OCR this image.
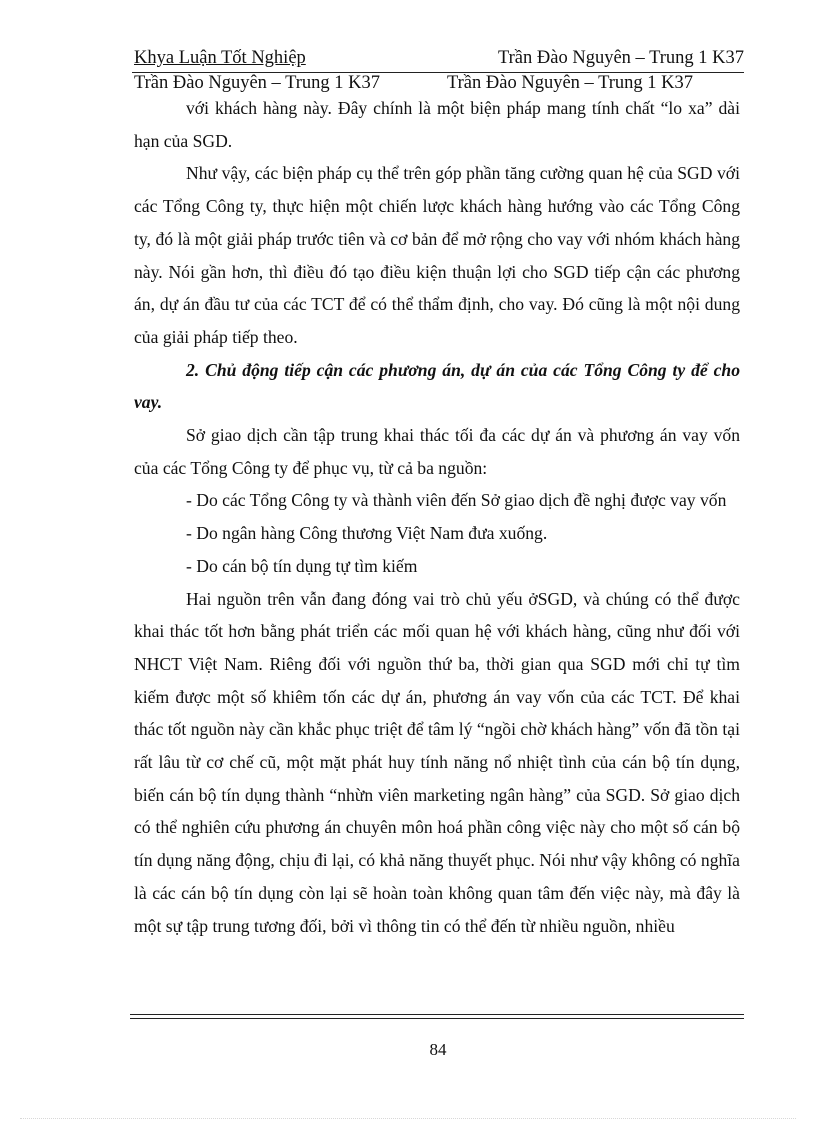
Khya Luận Tốt Nghiệp	Trần Đào Nguyên – Trung 1 K37
Trần Đào Nguyên – Trung 1 K37	Trần Đào Nguyên – Trung 1 K37

với khách hàng này. Đây chính là một biện pháp mang tính chất “lo xa” dài hạn của SGD.

Như vậy, các biện pháp cụ thể trên góp phần tăng cường quan hệ của SGD với các Tổng Công ty, thực hiện một chiến lược khách hàng hướng vào các Tổng Công ty, đó là một giải pháp trước tiên và cơ bản để mở rộng cho vay với nhóm khách hàng này. Nói gần hơn, thì điều đó tạo điều kiện thuận lợi cho SGD tiếp cận các phương án, dự án đầu tư của các TCT để có thể thẩm định, cho vay. Đó cũng là một nội dung của giải pháp tiếp theo.

2. Chủ động tiếp cận các phương án, dự án của các Tổng Công ty để cho vay.

Sở giao dịch cần tập trung khai thác tối đa các dự án và phương án vay vốn của các Tổng Công ty để phục vụ, từ cả ba nguồn:

- Do các Tổng Công ty và thành viên đến Sở giao dịch đề nghị được vay vốn

- Do ngân hàng Công thương Việt Nam đưa xuống.

- Do cán bộ tín dụng tự tìm kiếm

Hai nguồn trên vẫn đang đóng vai trò chủ yếu ởSGD, và chúng có thể được khai thác tốt hơn bằng phát triển các mối quan hệ với khách hàng, cũng như đối với NHCT Việt Nam. Riêng đối với nguồn thứ ba, thời gian qua SGD mới chỉ tự tìm kiếm được một số khiêm tốn các dự án, phương án vay vốn của các TCT. Để khai thác tốt nguồn này cần khắc phục triệt để tâm lý “ngồi chờ khách hàng” vốn đã tồn tại rất lâu từ cơ chế cũ, một mặt phát huy tính năng nổ nhiệt tình của cán bộ tín dụng, biến cán bộ tín dụng thành “nhừn viên marketing ngân hàng” của SGD. Sở giao dịch có thể nghiên cứu phương án chuyên môn hoá phần công việc này cho một số cán bộ tín dụng năng động, chịu đi lại, có khả năng thuyết phục. Nói như vậy không có nghĩa là các cán bộ tín dụng còn lại sẽ hoàn toàn không quan tâm đến việc này, mà đây là một sự tập trung tương đối, bởi vì thông tin có thể đến từ nhiều nguồn, nhiều

84
